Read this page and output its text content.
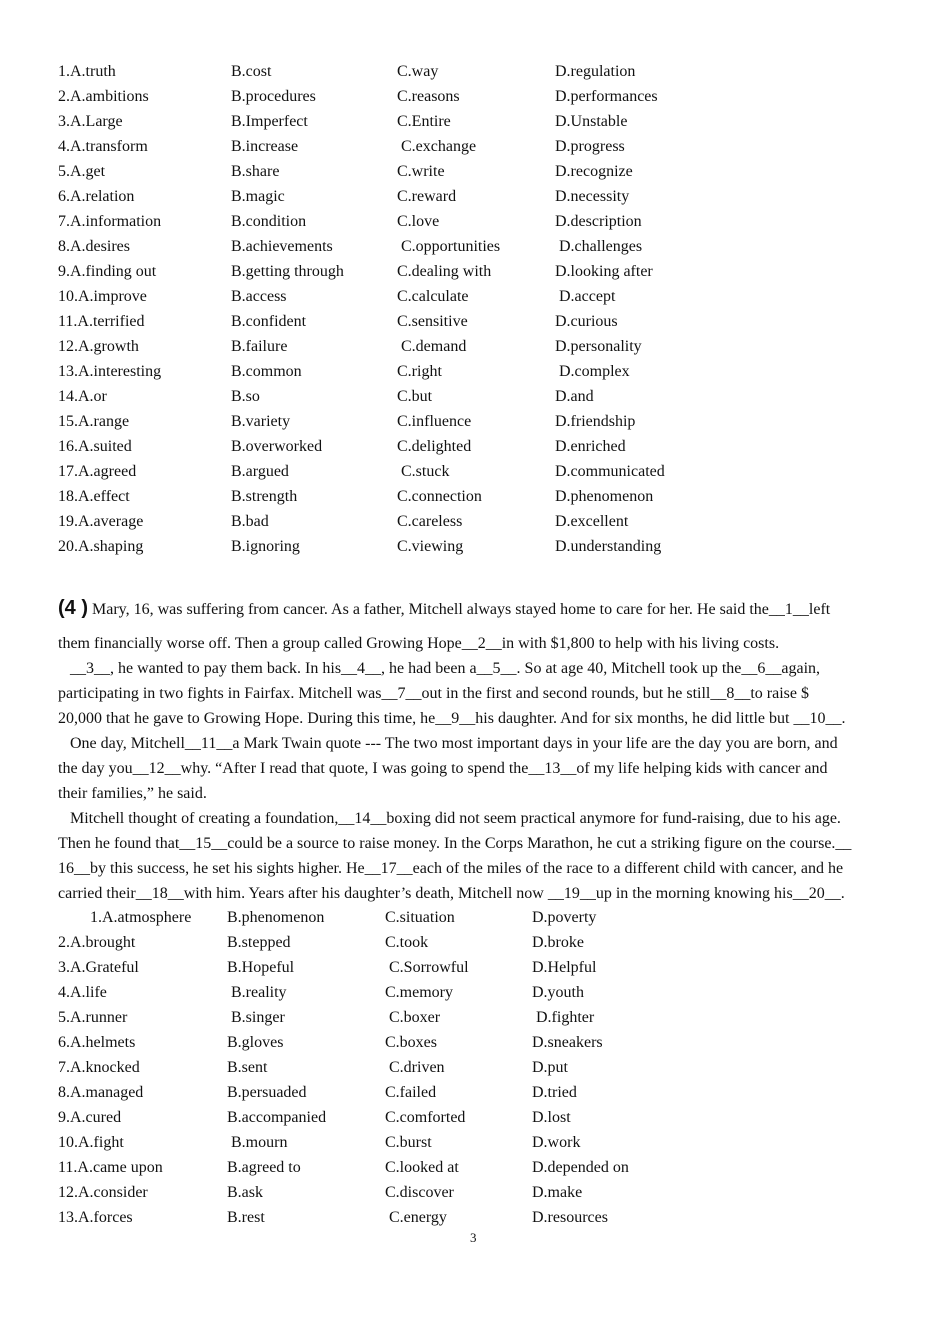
1.A.truth	B.cost	C.way	D.regulation
2.A.ambitions	B.procedures	C.reasons	D.performances
3.A.Large	B.Imperfect	C.Entire	D.Unstable
4.A.transform	B.increase	C.exchange	D.progress
5.A.get	B.share	C.write	D.recognize
6.A.relation	B.magic	C.reward	D.necessity
7.A.information	B.condition	C.love	D.description
8.A.desires	B.achievements	C.opportunities	D.challenges
9.A.finding out	B.getting through	C.dealing with	D.looking after
10.A.improve	B.access	C.calculate	D.accept
11.A.terrified	B.confident	C.sensitive	D.curious
12.A.growth	B.failure	C.demand	D.personality
13.A.interesting	B.common	C.right	D.complex
14.A.or	B.so	C.but	D.and
15.A.range	B.variety	C.influence	D.friendship
16.A.suited	B.overworked	C.delighted	D.enriched
17.A.agreed	B.argued	C.stuck	D.communicated
18.A.effect	B.strength	C.connection	D.phenomenon
19.A.average	B.bad	C.careless	D.excellent
20.A.shaping	B.ignoring	C.viewing	D.understanding
(4 ) Mary, 16, was suffering from cancer. As a father, Mitchell always stayed home to care for her. He said the__1__left
them financially worse off. Then a group called Growing Hope__2__in with $1,800 to help with his living costs.
__3__, he wanted to pay them back. In his__4__, he had been a__5__. So at age 40, Mitchell took up the__6__again,
participating in two fights in Fairfax. Mitchell was__7__out in the first and second rounds, but he still__8__to raise $
20,000 that he gave to Growing Hope. During this time, he__9__his daughter. And for six months, he did little but __10__.
One day, Mitchell__11__a Mark Twain quote --- The two most important days in your life are the day you are born, and
the day you__12__why. “After I read that quote, I was going to spend the__13__of my life helping kids with cancer and
their families,” he said.
Mitchell thought of creating a foundation,__14__boxing did not seem practical anymore for fund-raising, due to his age.
Then he found that__15__could be a source to raise money. In the Corps Marathon, he cut a striking figure on the course.__
16__by this success, he set his sights higher. He__17__each of the miles of the race to a different child with cancer, and he
carried their__18__with him. Years after his daughter’s death, Mitchell now __19__up in the morning knowing his__20__.
1.A.atmosphere B.phenomenon	C.situation	D.poverty
2.A.brought	B.stepped	C.took	D.broke
3.A.Grateful	B.Hopeful	C.Sorrowful	D.Helpful
4.A.life	B.reality	C.memory	D.youth
5.A.runner	B.singer	C.boxer	D.fighter
6.A.helmets	B.gloves	C.boxes	D.sneakers
7.A.knocked	B.sent	C.driven	D.put
8.A.managed	B.persuaded	C.failed	D.tried
9.A.cured	B.accompanied	C.comforted	D.lost
10.A.fight	B.mourn	C.burst	D.work
11.A.came upon	B.agreed to	C.looked at	D.depended on
12.A.consider	B.ask	C.discover	D.make
13.A.forces	B.rest	C.energy	D.resources
3
